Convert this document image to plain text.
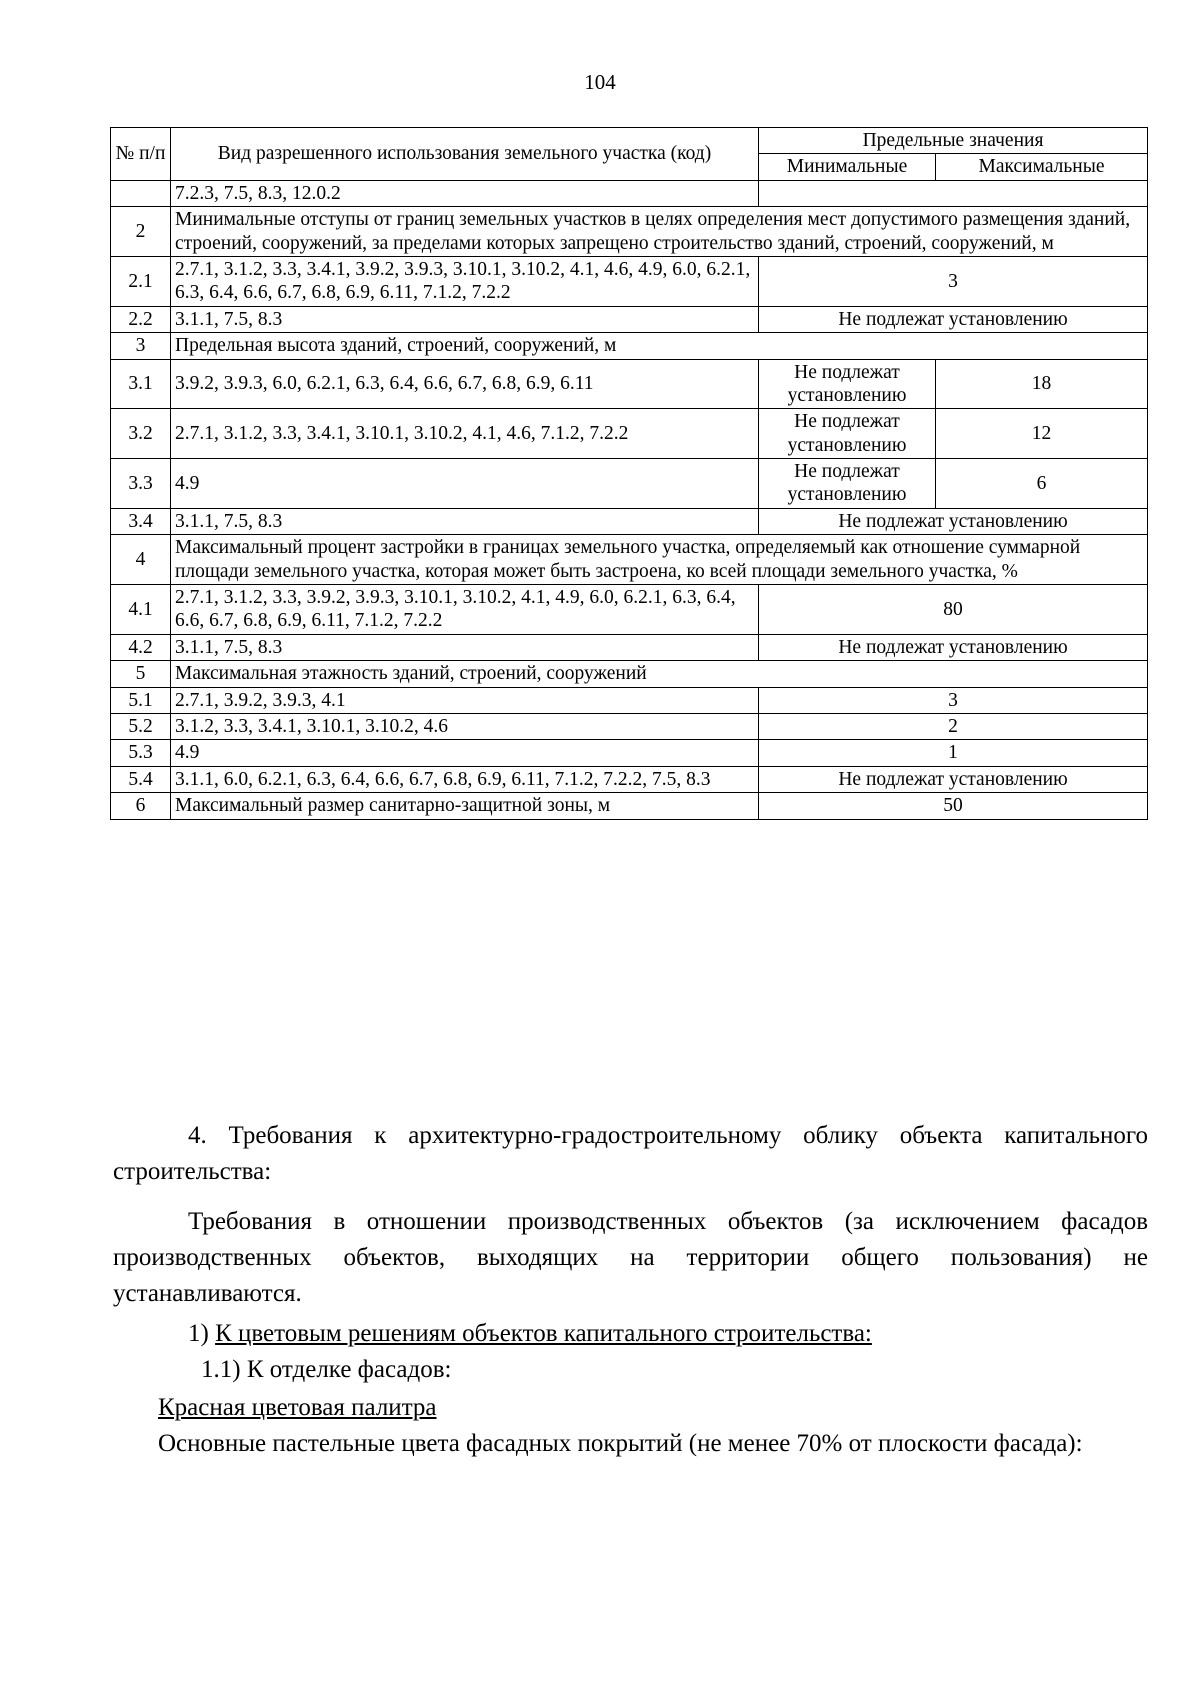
104
№ п/п	Вид разрешенного использования земельного участка (код)	Предельные значения	
		Минимальные	Максимальные
	7.2.3, 7.5, 8.3, 12.0.2		
2	Минимальные отступы от границ земельных участков в целях определения мест допустимого размещения зданий, строений, сооружений, за пределами которых запрещено строительство зданий, строений, сооружений, м		
2.1	2.7.1, 3.1.2, 3.3, 3.4.1, 3.9.2, 3.9.3, 3.10.1, 3.10.2, 4.1, 4.6, 4.9, 6.0, 6.2.1, 6.3, 6.4, 6.6, 6.7, 6.8, 6.9, 6.11, 7.1.2, 7.2.2	3	
2.2	3.1.1, 7.5, 8.3	Не подлежат установлению	
3	Предельная высота зданий, строений, сооружений, м		
3.1	3.9.2, 3.9.3, 6.0, 6.2.1, 6.3, 6.4, 6.6, 6.7, 6.8, 6.9, 6.11	Не подлежат установлению	18
3.2	2.7.1, 3.1.2, 3.3, 3.4.1, 3.10.1, 3.10.2, 4.1, 4.6, 7.1.2, 7.2.2	Не подлежат установлению	12
3.3	4.9	Не подлежат установлению	6
3.4	3.1.1, 7.5, 8.3	Не подлежат установлению	
4	Максимальный процент застройки в границах земельного участка, определяемый как отношение суммарной площади земельного участка, которая может быть застроена, ко всей площади земельного участка, %		
4.1	2.7.1, 3.1.2, 3.3, 3.9.2, 3.9.3, 3.10.1, 3.10.2, 4.1, 4.9, 6.0, 6.2.1, 6.3, 6.4, 6.6, 6.7, 6.8, 6.9, 6.11, 7.1.2, 7.2.2	80	
4.2	3.1.1, 7.5, 8.3	Не подлежат установлению	
5	Максимальная этажность зданий, строений, сооружений		
5.1	2.7.1, 3.9.2, 3.9.3, 4.1	3	
5.2	3.1.2, 3.3, 3.4.1, 3.10.1, 3.10.2, 4.6	2	
5.3	4.9	1	
5.4	3.1.1, 6.0, 6.2.1, 6.3, 6.4, 6.6, 6.7, 6.8, 6.9, 6.11, 7.1.2, 7.2.2, 7.5, 8.3	Не подлежат установлению	
6	Максимальный размер санитарно-защитной зоны, м	50	

4. Требования к архитектурно-градостроительному облику объекта капитального строительства:

Требования в отношении производственных объектов (за исключением фасадов производственных объектов, выходящих на территории общего пользования) не устанавливаются.

1) К цветовым решениям объектов капитального строительства:

1.1) К отделке фасадов:

Красная цветовая палитра

Основные пастельные цвета фасадных покрытий (не менее 70% от плоскости фасада):
